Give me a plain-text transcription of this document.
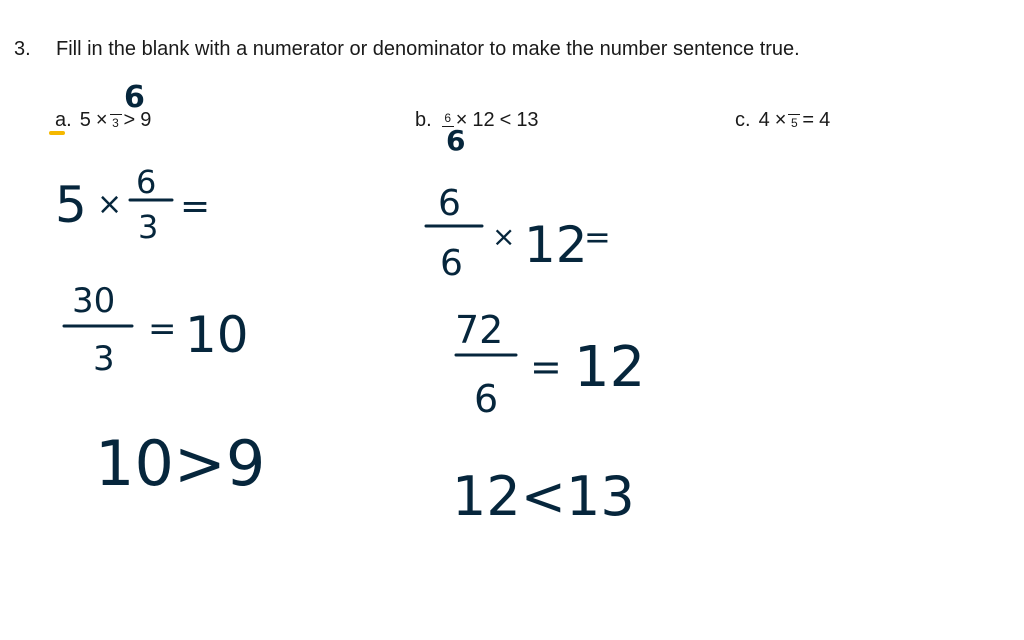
3. Fill in the blank with a numerator or denominator to make the number sentence true.
a. 5 × 3 > 9	b. 6 × 12 < 13	c. 4 × 5 = 4
6
6
5 ×
6
3 =
30
3
= 10
10>9
6
6
× 12
=
72
6
= 12
12<13
